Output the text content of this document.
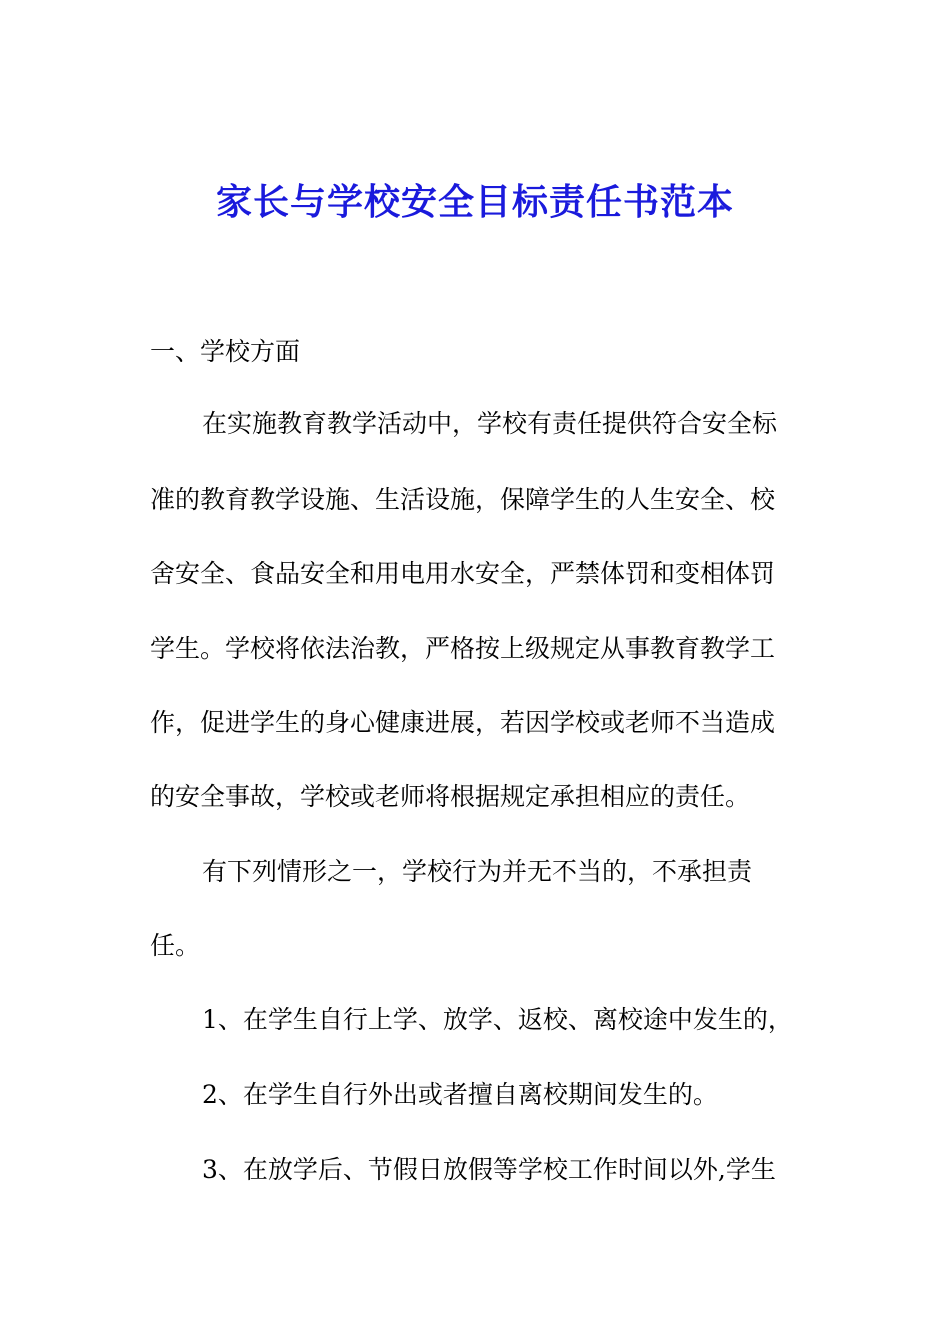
家长与学校安全目标责任书范本
一、学校方面
在实施教育教学活动中，学校有责任提供符合安全标
准的教育教学设施、生活设施，保障学生的人生安全、校
舍安全、食品安全和用电用水安全，严禁体罚和变相体罚
学生。学校将依法治教，严格按上级规定从事教育教学工
作，促进学生的身心健康进展，若因学校或老师不当造成
的安全事故，学校或老师将根据规定承担相应的责任。
有下列情形之一，学校行为并无不当的，不承担责
任。
1、在学生自行上学、放学、返校、离校途中发生的，
2、在学生自行外出或者擅自离校期间发生的。
3、在放学后、节假日放假等学校工作时间以外,学生
